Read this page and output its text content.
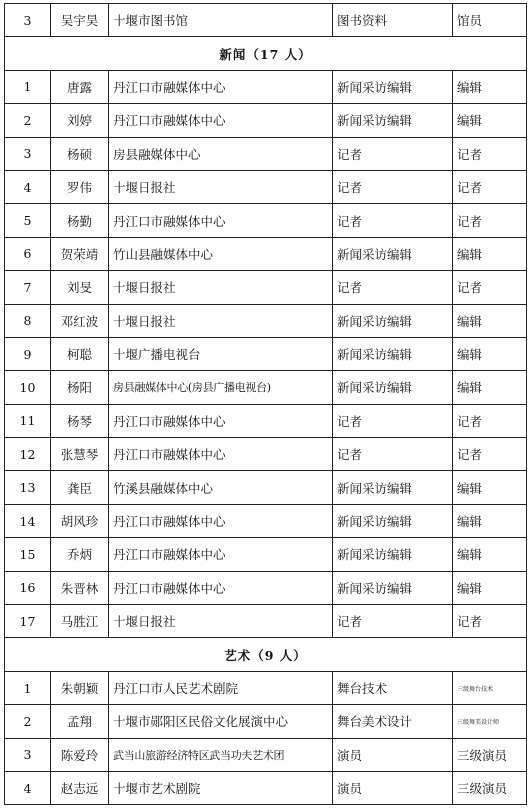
3	吴宇昊	十堰市图书馆	图书资料	馆员
新闻（17 人）				
1	唐露	丹江口市融媒体中心	新闻采访编辑	编辑
2	刘婷	丹江口市融媒体中心	新闻采访编辑	编辑
3	杨硕	房县融媒体中心	记者	记者
4	罗伟	十堰日报社	记者	记者
5	杨勤	丹江口市融媒体中心	记者	记者
6	贺荣靖	竹山县融媒体中心	新闻采访编辑	编辑
7	刘旻	十堰日报社	记者	记者
8	邓红波	十堰日报社	新闻采访编辑	编辑
9	柯聪	十堰广播电视台	新闻采访编辑	编辑
10	杨阳	房县融媒体中心(房县广播电视台)	新闻采访编辑	编辑
11	杨琴	丹江口市融媒体中心	记者	记者
12	张慧琴	丹江口市融媒体中心	记者	记者
13	龚臣	竹溪县融媒体中心	新闻采访编辑	编辑
14	胡风珍	丹江口市融媒体中心	新闻采访编辑	编辑
15	乔炳	丹江口市融媒体中心	新闻采访编辑	编辑
16	朱晋林	丹江口市融媒体中心	新闻采访编辑	编辑
17	马胜江	十堰日报社	记者	记者
艺术（9 人）				
1	朱朝颖	丹江口市人民艺术剧院	舞台技术	三级舞台技术
2	孟翔	十堰市郧阳区民俗文化展演中心	舞台美术设计	三级舞美设计师
3	陈爱玲	武当山旅游经济特区武当功夫艺术团	演员	三级演员
4	赵志远	十堰市艺术剧院	演员	三级演员
